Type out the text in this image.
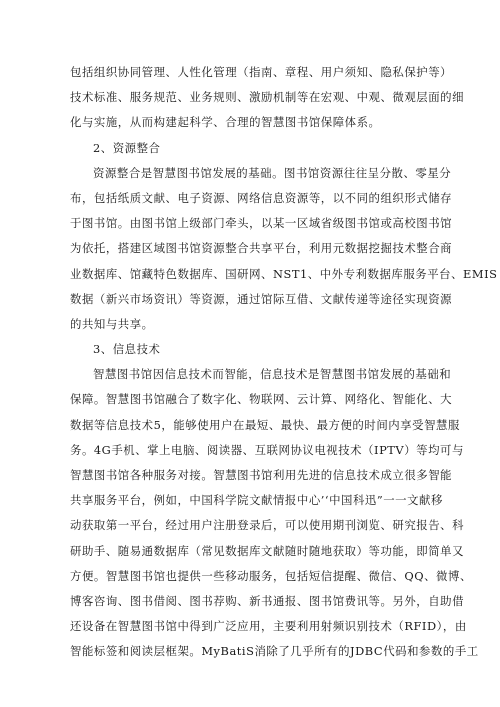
包括组织协同管理、人性化管理（指南、章程、用户须知、隐私保护等）
技术标准、服务规范、业务规则、激励机制等在宏观、中观、微观层面的细
化与实施，从而构建起科学、合理的智慧图书馆保障体系。
2、资源整合
资源整合是智慧图书馆发展的基础。图书馆资源往往呈分散、零星分
布，包括纸质文献、电子资源、网络信息资源等，以不同的组织形式储存
于图书馆。由图书馆上级部门牵头，以某一区域省级图书馆或高校图书馆
为依托，搭建区域图书馆资源整合共享平台，利用元数据挖掘技术整合商
业数据库、馆藏特色数据库、国研网、NST1、中外专利数据库服务平台、EMIS
数据（新兴市场资讯）等资源，通过馆际互借、文献传递等途径实现资源
的共知与共享。
3、信息技术
智慧图书馆因信息技术而智能，信息技术是智慧图书馆发展的基础和
保障。智慧图书馆融合了数字化、物联网、云计算、网络化、智能化、大
数据等信息技术5，能够使用户在最短、最快、最方便的时间内享受智慧服
务。4G手机、掌上电脑、阅读器、互联网协议电视技术（IPTV）等均可与
智慧图书馆各种服务对接。智慧图书馆利用先进的信息技术成立很多智能
共享服务平台，例如，中国科学院文献情报中心’‘中国科迅”一一文献移
动获取第一平台，经过用户注册登录后，可以使用期刊浏览、研究报告、科
研助手、随易通数据库（常见数据库文献随时随地获取）等功能，即简单又
方便。智慧图书馆也提供一些移动服务，包括短信提醒、微信、QQ、微博、
博客咨询、图书借阅、图书荐购、新书通报、图书馆费讯等。另外，自助借
还设备在智慧图书馆中得到广泛应用，主要利用射频识别技术（RFID），由
智能标签和阅读层框架。MyBatiS消除了几乎所有的JDBC代码和参数的手工
